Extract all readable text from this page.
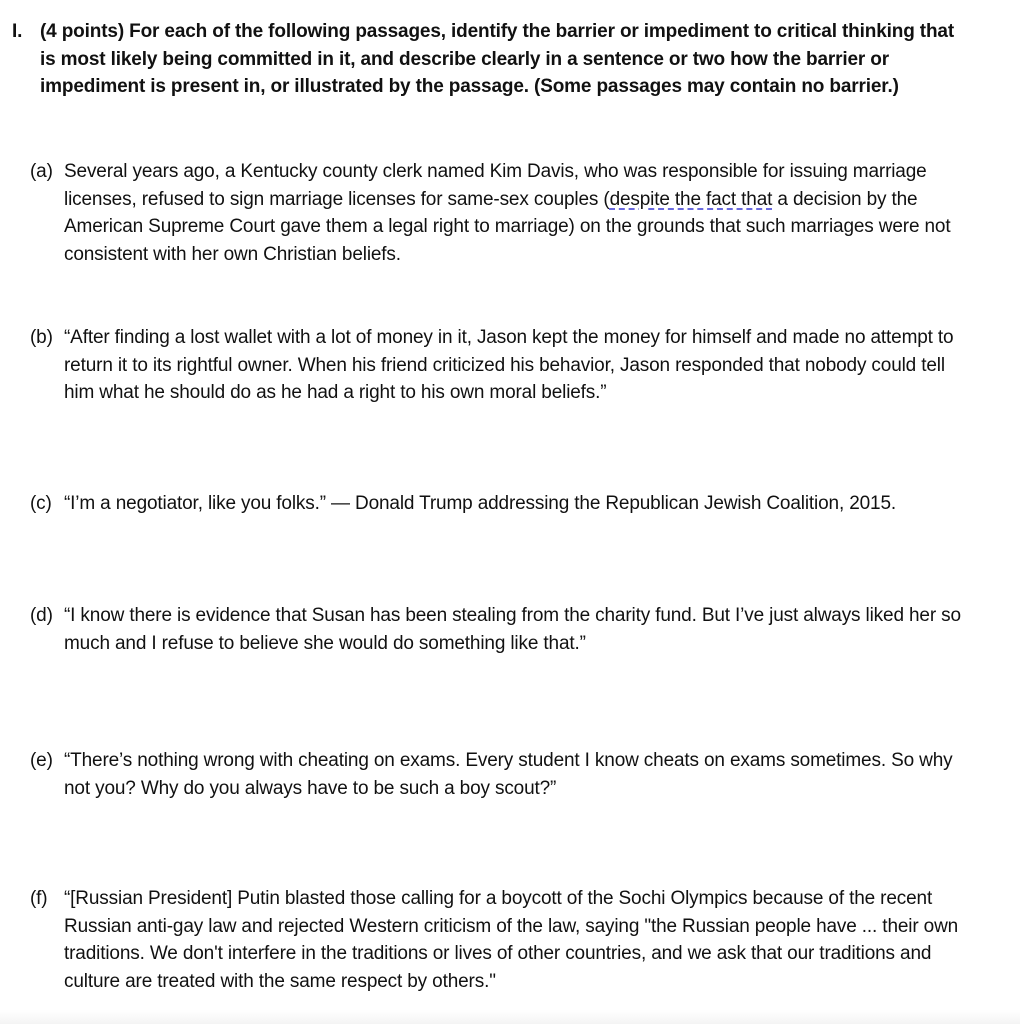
I. (4 points) For each of the following passages, identify the barrier or impediment to critical thinking that is most likely being committed in it, and describe clearly in a sentence or two how the barrier or impediment is present in, or illustrated by the passage. (Some passages may contain no barrier.)
(a) Several years ago, a Kentucky county clerk named Kim Davis, who was responsible for issuing marriage licenses, refused to sign marriage licenses for same-sex couples (despite the fact that a decision by the American Supreme Court gave them a legal right to marriage) on the grounds that such marriages were not consistent with her own Christian beliefs.
(b) “After finding a lost wallet with a lot of money in it, Jason kept the money for himself and made no attempt to return it to its rightful owner. When his friend criticized his behavior, Jason responded that nobody could tell him what he should do as he had a right to his own moral beliefs.”
(c) “I’m a negotiator, like you folks.” — Donald Trump addressing the Republican Jewish Coalition, 2015.
(d) “I know there is evidence that Susan has been stealing from the charity fund. But I’ve just always liked her so much and I refuse to believe she would do something like that.”
(e) “There’s nothing wrong with cheating on exams. Every student I know cheats on exams sometimes. So why not you? Why do you always have to be such a boy scout?”
(f) “[Russian President] Putin blasted those calling for a boycott of the Sochi Olympics because of the recent Russian anti-gay law and rejected Western criticism of the law, saying "the Russian people have ... their own traditions. We don't interfere in the traditions or lives of other countries, and we ask that our traditions and culture are treated with the same respect by others."
